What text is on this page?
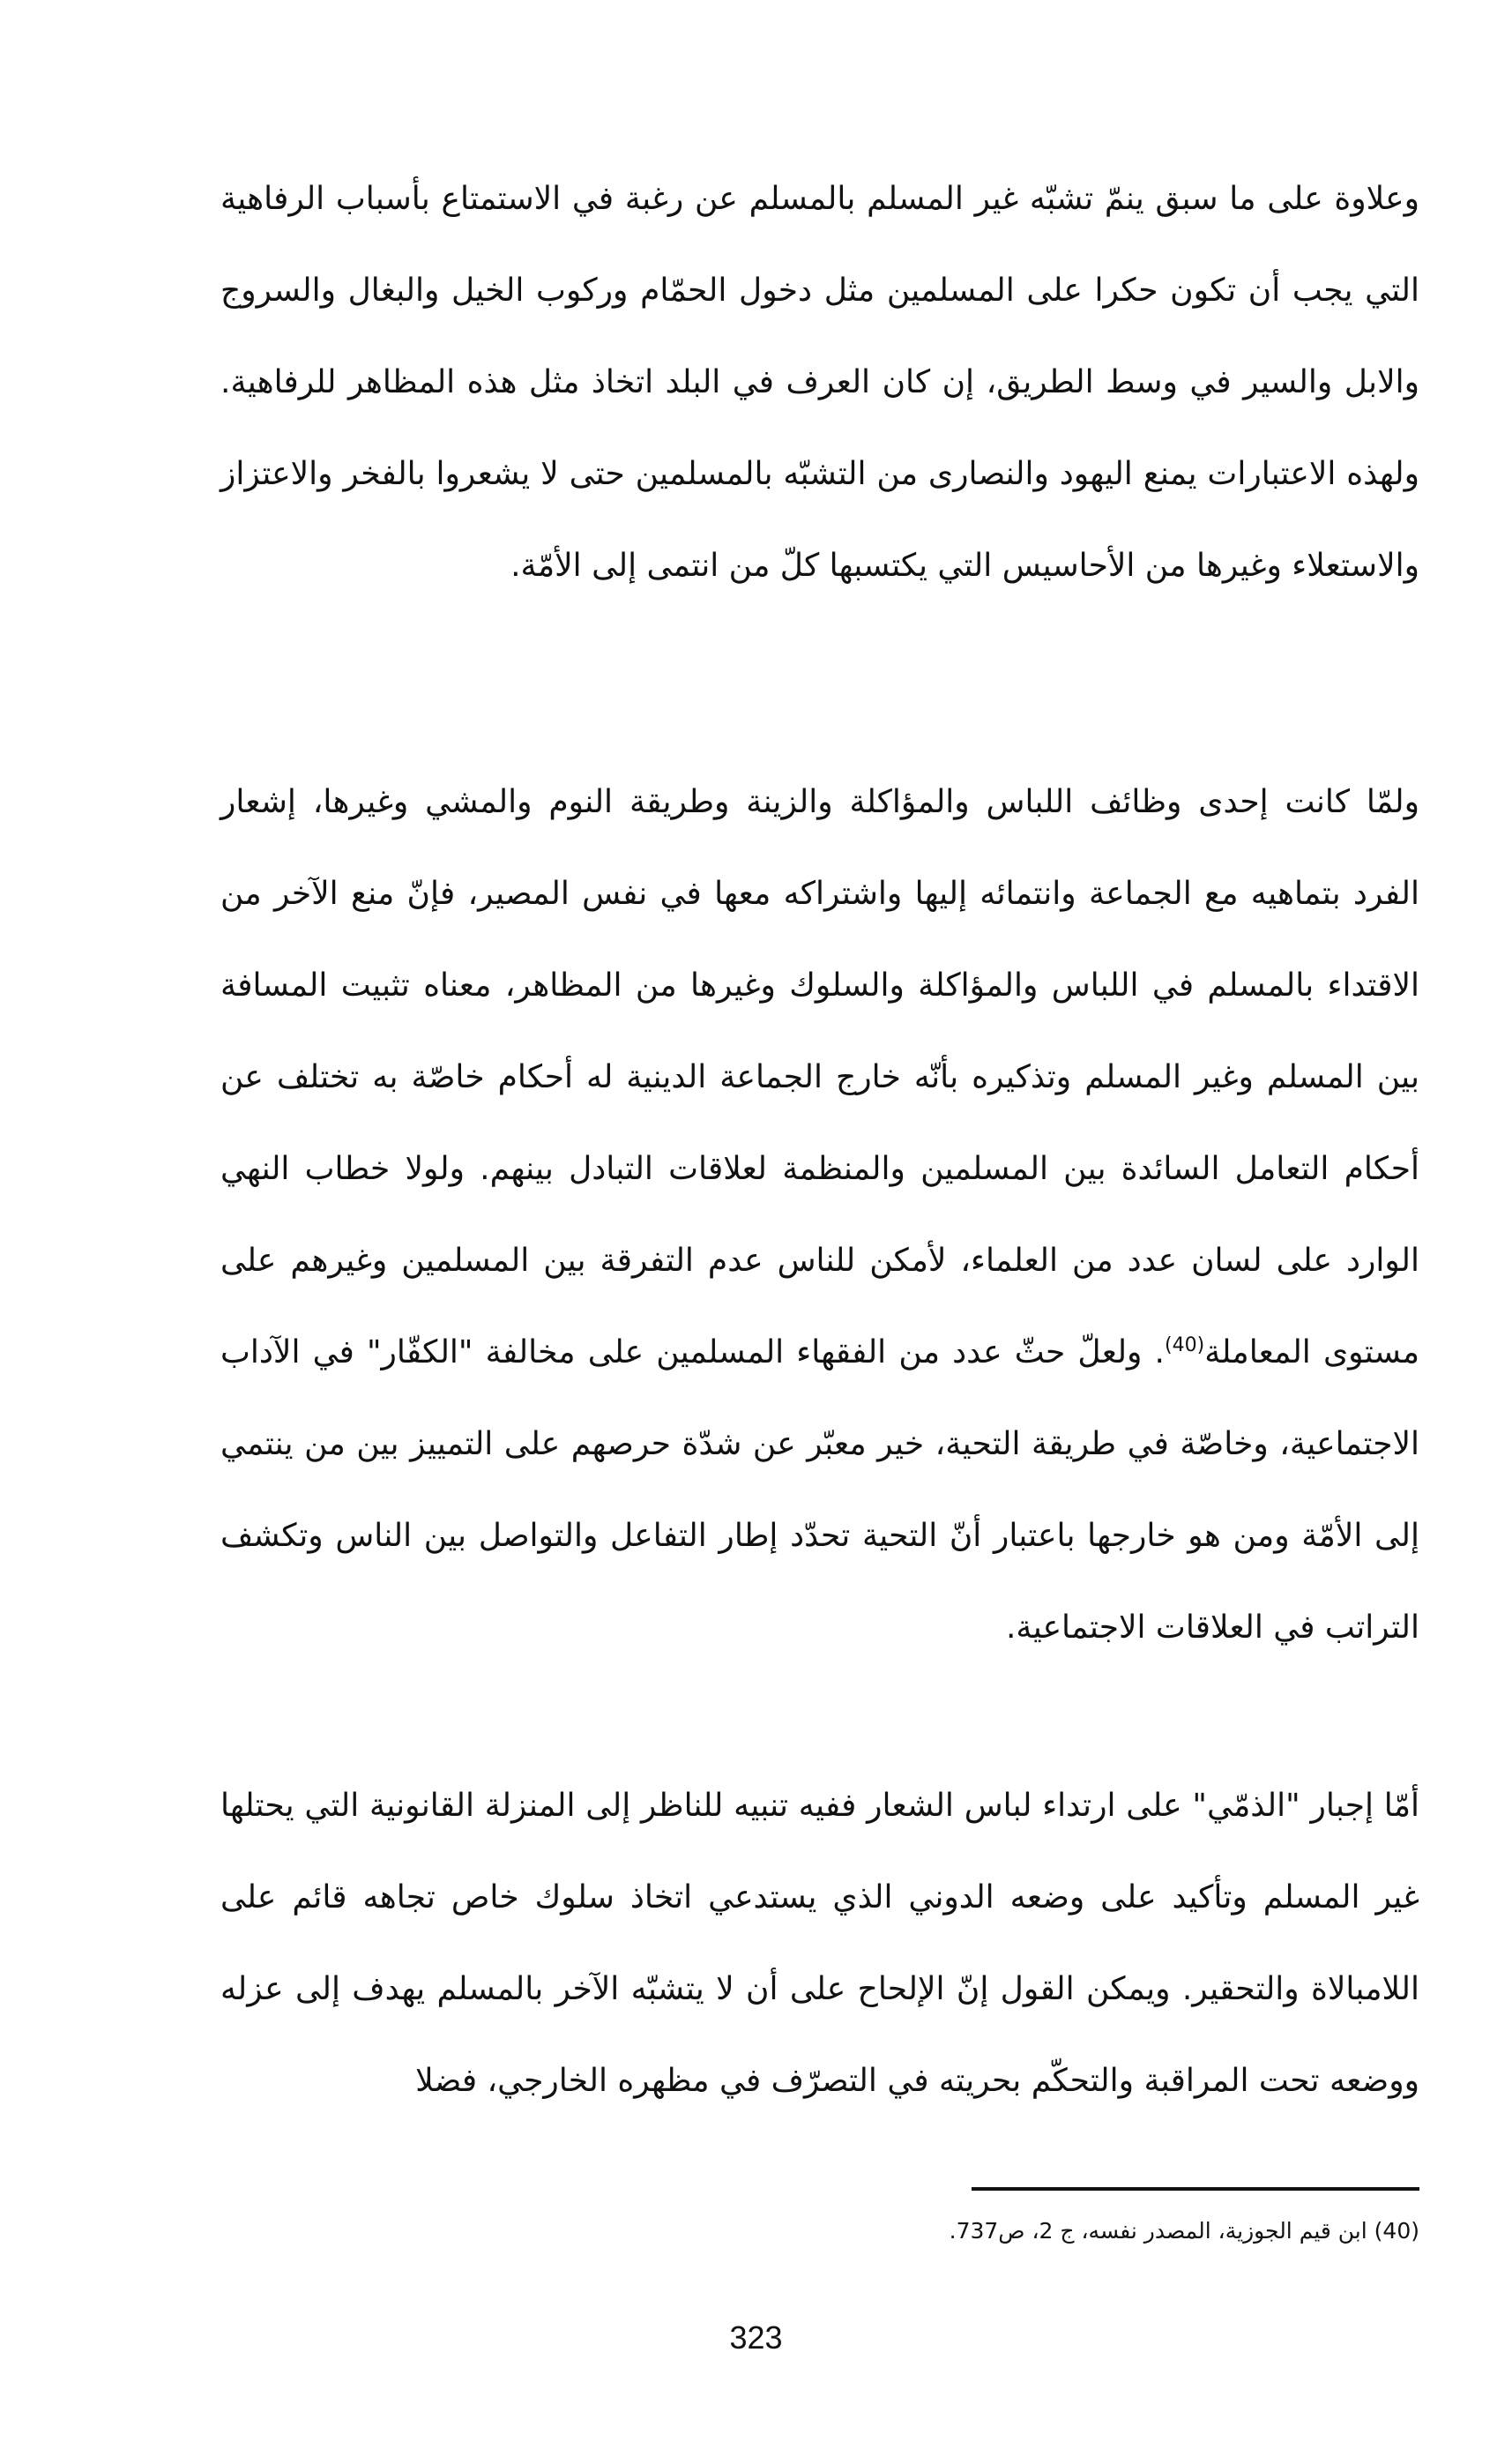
وعلاوة على ما سبق ينمّ تشبّه غير المسلم بالمسلم عن رغبة في الاستمتاع بأسباب الرفاهية التي يجب أن تكون حكرا على المسلمين مثل دخول الحمّام وركوب الخيل والبغال والسروج والابل والسير في وسط الطريق، إن كان العرف في البلد اتخاذ مثل هذه المظاهر للرفاهية. ولهذه الاعتبارات يمنع اليهود والنصارى من التشبّه بالمسلمين حتى لا يشعروا بالفخر والاعتزاز والاستعلاء وغيرها من الأحاسيس التي يكتسبها كلّ من انتمى إلى الأمّة.

ولمّا كانت إحدى وظائف اللباس والمؤاكلة والزينة وطريقة النوم والمشي وغيرها، إشعار الفرد بتماهيه مع الجماعة وانتمائه إليها واشتراكه معها في نفس المصير، فإنّ منع الآخر من الاقتداء بالمسلم في اللباس والمؤاكلة والسلوك وغيرها من المظاهر، معناه تثبيت المسافة بين المسلم وغير المسلم وتذكيره بأنّه خارج الجماعة الدينية له أحكام خاصّة به تختلف عن أحكام التعامل السائدة بين المسلمين والمنظمة لعلاقات التبادل بينهم. ولولا خطاب النهي الوارد على لسان عدد من العلماء، لأمكن للناس عدم التفرقة بين المسلمين وغيرهم على مستوى المعاملة$^{(40)}$. ولعلّ حثّ عدد من الفقهاء المسلمين على مخالفة "الكفّار" في الآداب الاجتماعية، وخاصّة في طريقة التحية، خير معبّر عن شدّة حرصهم على التمييز بين من ينتمي إلى الأمّة ومن هو خارجها باعتبار أنّ التحية تحدّد إطار التفاعل والتواصل بين الناس وتكشف التراتب في العلاقات الاجتماعية.

أمّا إجبار "الذمّي" على ارتداء لباس الشعار ففيه تنبيه للناظر إلى المنزلة القانونية التي يحتلها غير المسلم وتأكيد على وضعه الدوني الذي يستدعي اتخاذ سلوك خاص تجاهه قائم على اللامبالاة والتحقير. ويمكن القول إنّ الإلحاح على أن لا يتشبّه الآخر بالمسلم يهدف إلى عزله ووضعه تحت المراقبة والتحكّم بحريته في التصرّف في مظهره الخارجي، فضلا

(40) ابن قيم الجوزية، المصدر نفسه، ج 2، ص737.
323
